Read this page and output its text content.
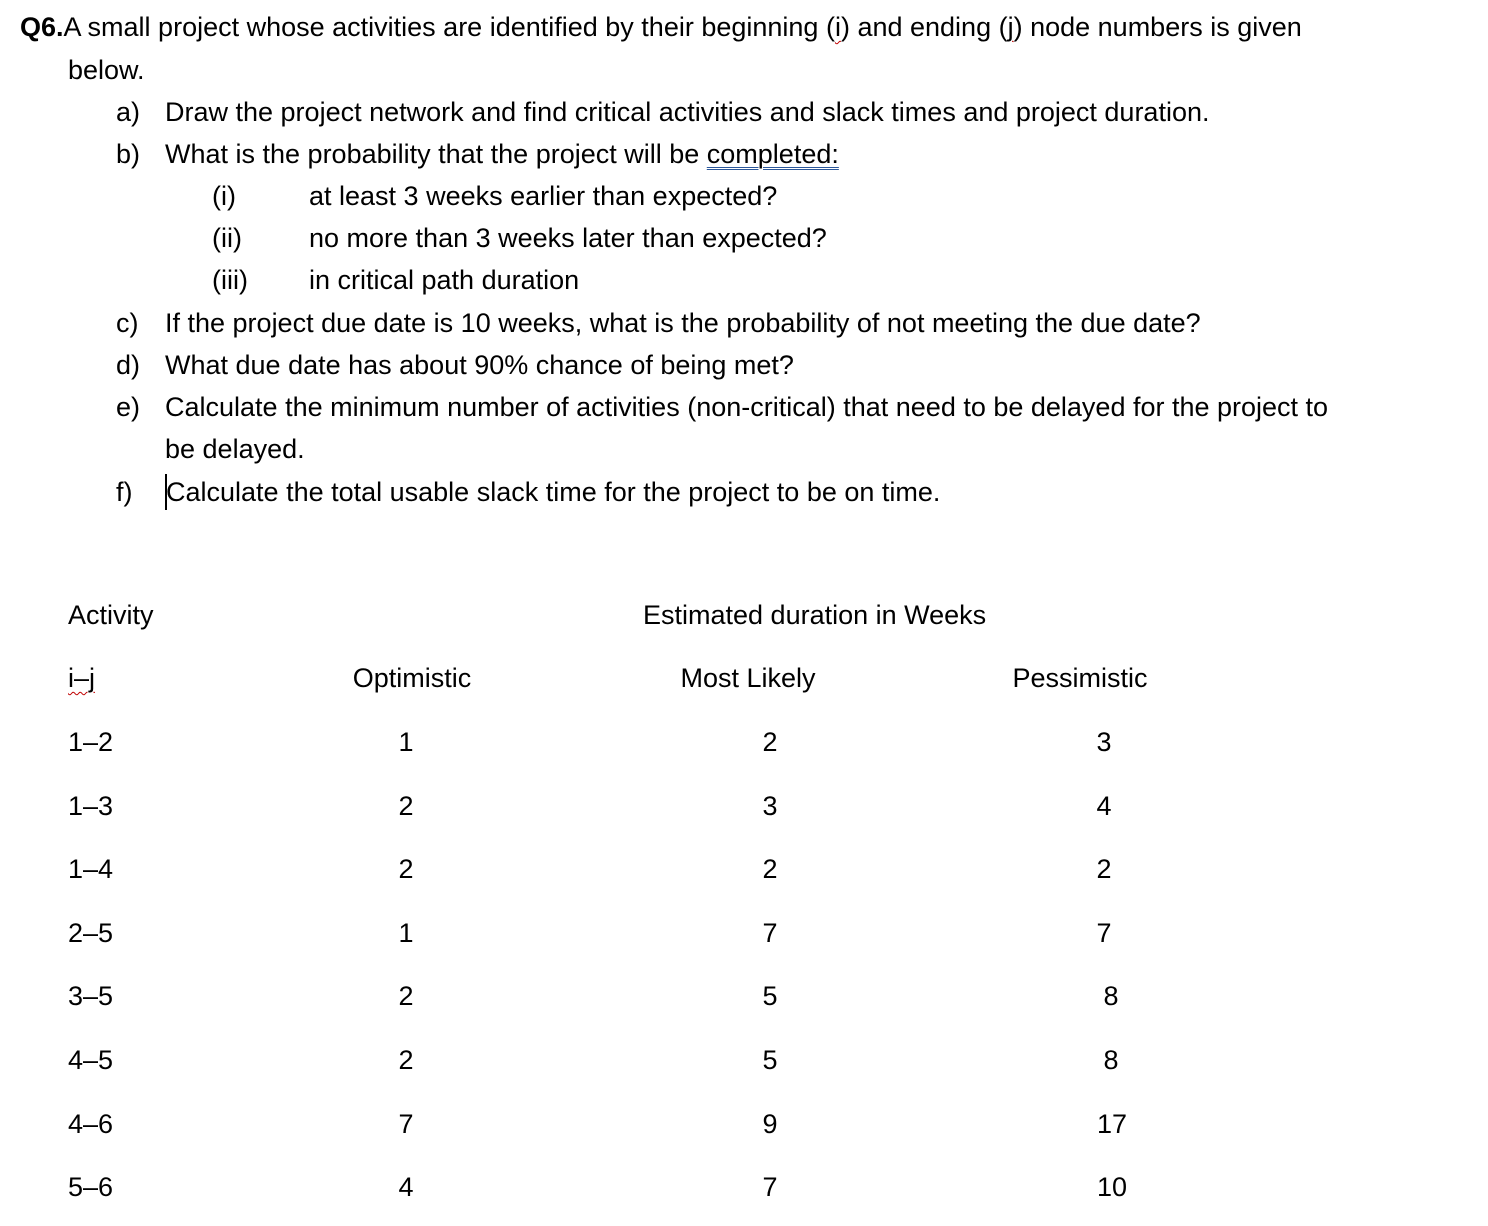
Q6.A small project whose activities are identified by their beginning (i) and ending (j) node numbers is given
below.
a) Draw the project network and find critical activities and slack times and project duration.
b) What is the probability that the project will be completed:
(i)	at least 3 weeks earlier than expected?
(ii) no more than 3 weeks later than expected?
(iii) in critical path duration
c) If the project due date is 10 weeks, what is the probability of not meeting the due date?
d) What due date has about 90% chance of being met?
e) Calculate the minimum number of activities (non-critical) that need to be delayed for the project to
be delayed.
f) Calculate the total usable slack time for the project to be on time.
Activity	Estimated duration in Weeks
i–j	Optimistic	Most Likely	Pessimistic
1–2	1	2	3
1–3	2	3	4
1–4	2	2	2
2–5	1	7	7
3–5	2	5	8
4–5	2	5	8
4–6	7	9	17
5–6	4	7	10
